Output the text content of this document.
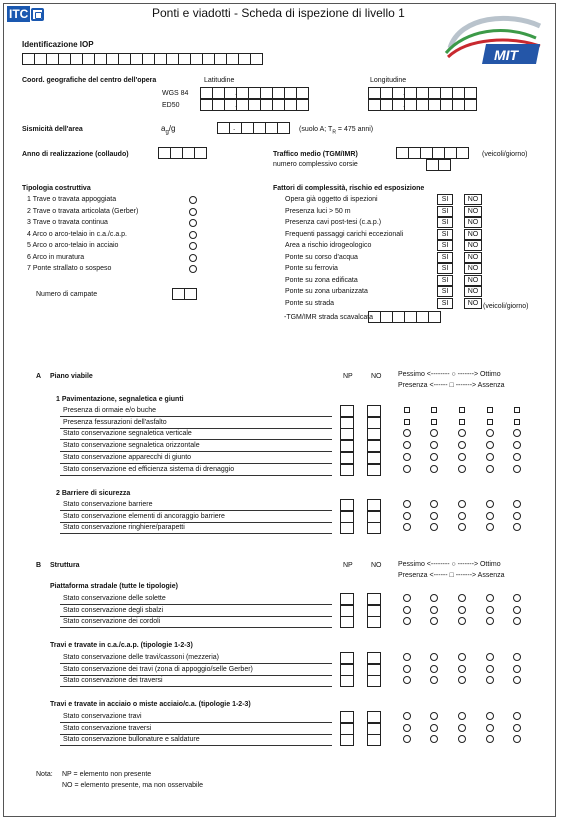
ITC	Ponti e viadotti - Scheda di ispezione di livello 1
MIT
Identificazione IOP
Coord. geografiche del centro dell'opera	Latitudine	Longitudine
WGS 84
ED50
.
.
.
.
Sismicità dell'area	$a_g/g$	.	(suolo A; $T_R = 475$ anni)
Anno di realizzazione (collaudo)	Traffico medio (TGM/IMR)	(veicoli/giorno)
numero complessivo corsie
Tipologia costruttiva
Numero di campate
Fattori di complessità, rischio ed esposizione
(veicoli/giorno)
-TGM/IMR strada scavalcata
A Piano viabile	NP	NO Pessimo <-------- ○ -------> Ottimo
Presenza <------ □ -------> Assenza
1 Pavimentazione, segnaletica e giunti
2 Barriere di sicurezza
B Struttura	NP	NO Pessimo <-------- ○ -------> Ottimo
Presenza <------ □ -------> Assenza
Piattaforma stradale (tutte le tipologie)
Travi e travate in c.a./c.a.p. (tipologie 1-2-3)
Travi e travate in acciaio o miste acciaio/c.a. (tipologie 1-2-3)
Nota: NP = elemento non presente
NO = elemento presente, ma non osservabile
1 Trave o travata appoggiata
2 Trave o travata articolata (Gerber)
3 Trave o travata continua
4 Arco o arco-telaio in c.a./c.a.p.
5 Arco o arco-telaio in acciaio
6 Arco in muratura
7 Ponte strallato o sospeso
Opera già oggetto di ispezioni	SI	NO
Presenza luci > 50 m	SI	NO
Presenza cavi post-tesi (c.a.p.)	SI	NO
Frequenti passaggi carichi eccezionali	SI	NO
Area a rischio idrogeologico	SI	NO
Ponte su corso d'acqua	SI	NO
Ponte su ferrovia	SI	NO
Ponte su zona edificata	SI	NO
Ponte su zona urbanizzata	SI	NO
Ponte su strada	SI	NO
Presenza di ormaie e/o buche
Presenza fessurazioni dell'asfalto
Stato conservazione segnaletica verticale
Stato conservazione segnaletica orizzontale
Stato conservazione apparecchi di giunto
Stato conservazione ed efficienza sistema di drenaggio
Stato conservazione barriere
Stato conservazione elementi di ancoraggio barriere
Stato conservazione ringhiere/parapetti
Stato conservazione delle solette
Stato conservazione degli sbalzi
Stato conservazione dei cordoli
Stato conservazione delle travi/cassoni (mezzeria)
Stato conservazione dei travi (zona di appoggio/selle Gerber)
Stato conservazione dei traversi
Stato conservazione travi
Stato conservazione traversi
Stato conservazione bullonature e saldature
